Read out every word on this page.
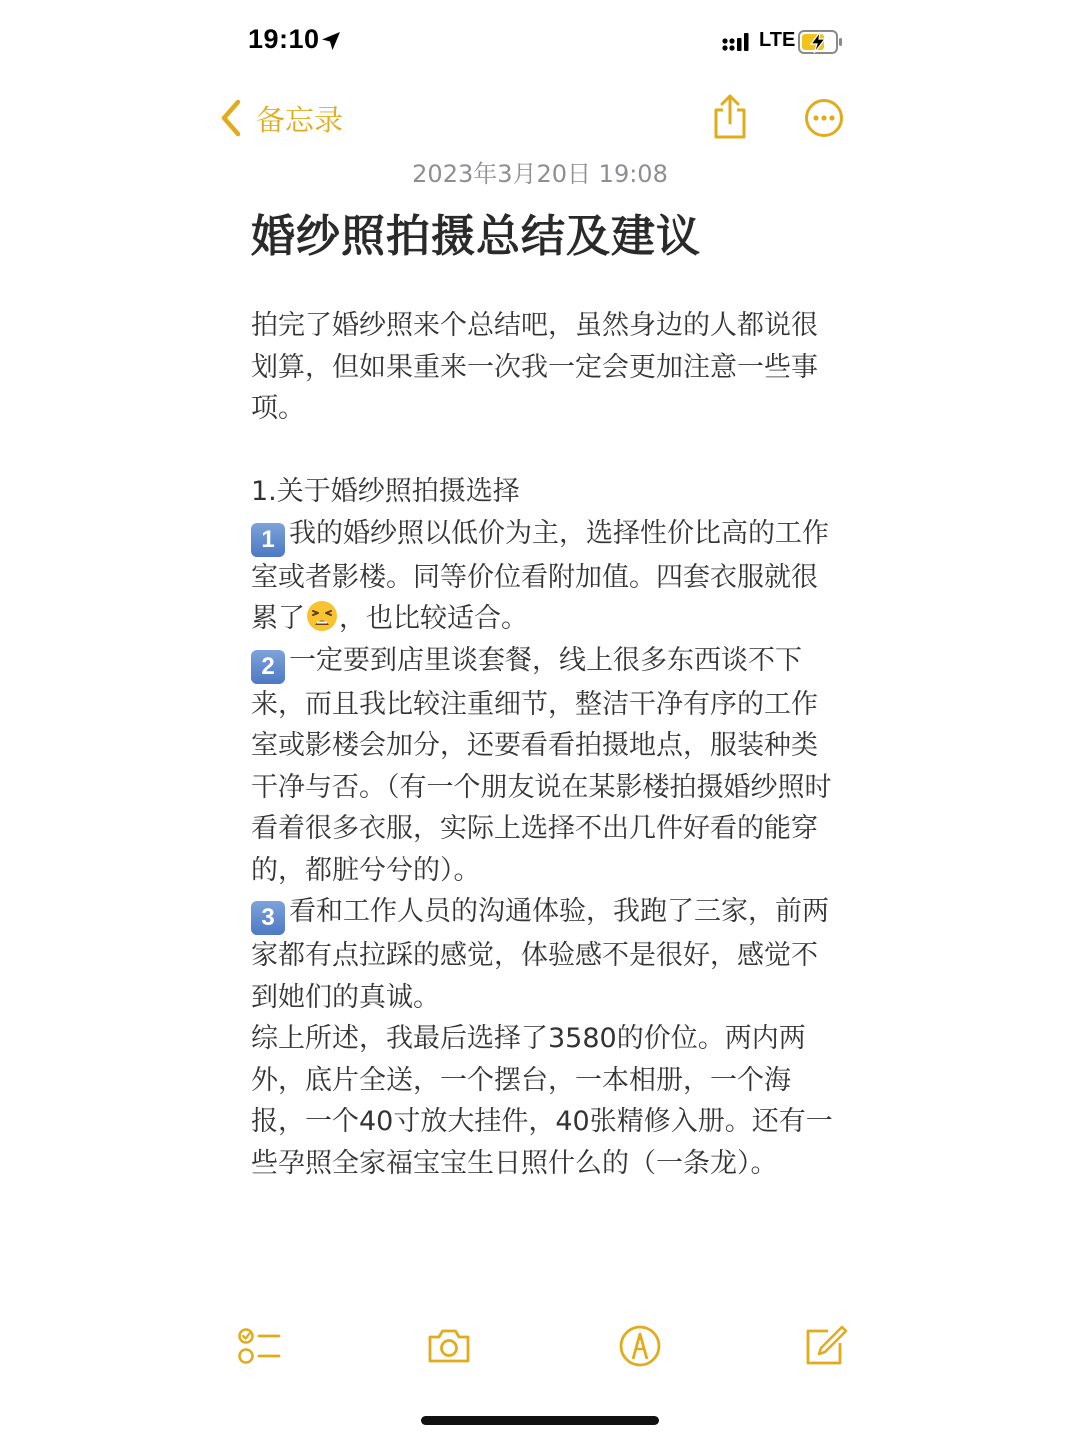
19:10	LTE
备忘录
2023年3月20日 19:08
婚纱照拍摄总结及建议

拍完了婚纱照来个总结吧，虽然身边的人都说很划算，但如果重来一次我一定会更加注意一些事项。

1.关于婚纱照拍摄选择

1 我的婚纱照以低价为主，选择性价比高的工作室或者影楼。同等价位看附加值。四套衣服就很累了 ，也比较适合。

2 一定要到店里谈套餐，线上很多东西谈不下来，而且我比较注重细节，整洁干净有序的工作室或影楼会加分，还要看看拍摄地点，服装种类干净与否。（有一个朋友说在某影楼拍摄婚纱照时看着很多衣服，实际上选择不出几件好看的能穿的，都脏兮兮的）。

3 看和工作人员的沟通体验，我跑了三家，前两家都有点拉踩的感觉，体验感不是很好，感觉不到她们的真诚。

综上所述，我最后选择了3580的价位。两内两外，底片全送，一个摆台，一本相册，一个海报，一个40寸放大挂件，40张精修入册。还有一些孕照全家福宝宝生日照什么的（一条龙）。
